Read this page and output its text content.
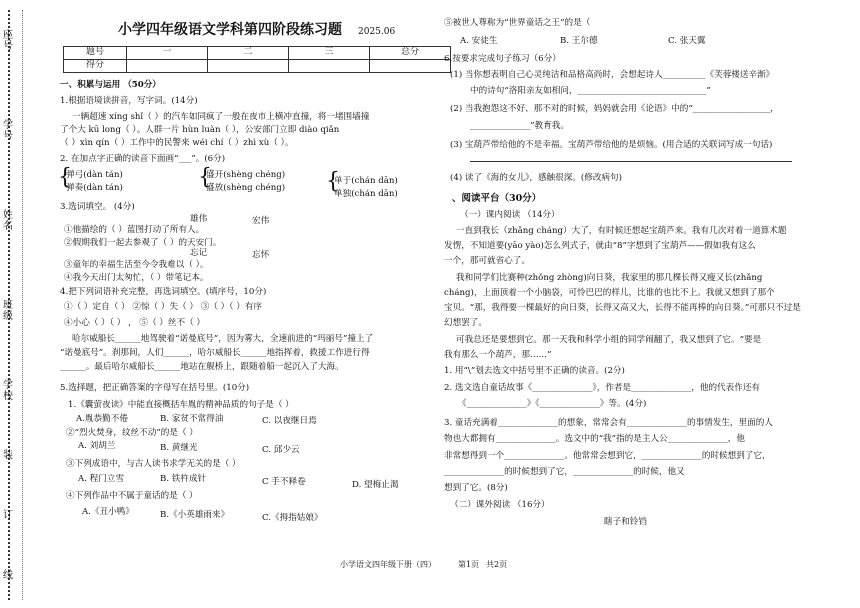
座号
学号
姓名
班级
学校
装
订
线
小学四年级语文学科第四阶段练习题 2025.06
题号	一	二	三	总分
得分				
一、积累与运用 （50分）
1.根据语境读拼音，写字词。(14分)
一辆超速 xíng shǐ（ ）的汽车如同疯了一般在夜市上横冲直撞，将一堵围墙撞
了个大 kū long（ ）。人群一片 hùn luàn（ ），公安部门立即 diào qiǎn
（ ）xìn qín（ ）工作中的民警来 wéi chí（ ）zhì xù（ ）。
2. 在加点字正确的读音下面画“___”。(6分)
{
弹弓(dàn tán)
弹奏(dàn tán)	{
盛开(shèng chéng)
盛放(shèng chéng) {
单于(chán dān)
单独(chán dān)
3.选词填空。 (4分)
雄伟	宏伟
①他描绘的（ ）蓝图打动了所有人。
②假期我们一起去参观了（ ）的天安门。
忘记	忘怀
③童年的幸福生活至今令我难以（ ）。
④我今天出门太匆忙，（ ）带笔记本。
4.把下列词语补充完整，再选词填空。(填序号，10分)
①（ ）定自（ ） ②惊（ ）失（ ） ③（ ）（ ）有序
④小心（ ）（ ） ， ⑤（ ）丝不（ ）
哈尔威船长______地驾驶着“诺曼底号”，因为雾大，全速前进的“玛丽号”撞上了
“诺曼底号”。刹那间，人们______，哈尔威船长______地指挥着，救援工作进行得
______。最后哈尔威船长______地站在舰桥上，跟随着船一起沉入了大海。
5.选择题，把正确答案的字母写在括号里。(10分)
1.《囊萤夜读》中能直接概括车胤的精神品质的句子是（ ）
A.胤恭勤不倦	B. 家贫不常得油	C. 以夜继日焉
②“烈火焚身，纹丝不动”的是（ ）
A. 刘胡兰	B. 黄继光	C. 邱少云
③下列成语中，与古人读书求学无关的是（ ）
A. 程门立雪	B. 铁杵成针	C 手不释卷	D. 望梅止渴
④下列作品中不属于童话的是（ ）
A.《丑小鸭》	B.《小英雄雨来》	C.《拇指姑娘》
⑤被世人尊称为“世界童话之王”的是（
A. 安徒生	B. 王尔德	C. 张天翼
6.按要求完成句子练习（6分）
(1) 当你想表明自己心灵纯洁和品格高尚时，会想起诗人__________《芙蓉楼送辛渐》
中的诗句“洛阳亲友如相问，______________________________”
(2) 当我抱怨这不好、那不对的时候，妈妈就会用《论语》中的“__________________，
______________”教育我。
(3) 宝葫芦带给他的不是幸福。宝葫芦带给他的是烦恼。(用合适的关联词写成一句话)
(4) 读了《海的女儿》，感触很深。(修改病句)
、阅读平台（30分）
（一）课内阅读 （14分）
一直到我长（zhǎng cháng）大了，有时候还想起宝葫芦来。我有几次对着一道算术题
发愣，不知道要(yāo yào)怎么列式子，就由“8”字想到了宝葫芦——假如我有这么
一个，那可就省心了。
我和同学们比赛种(zhǒng zhòng)向日葵，我家里的那几棵长得又瘦又长(zhǎng
cháng)，上面顶着一个小脑袋，可怜巴巴的样儿，比谁的也比不上。我就又想到了那个
宝贝。“那，我得要一棵最好的向日葵，长得又高又大，长得不能再棒的向日葵。”可那只不过是
幻想罢了。
可我总还是要想到它。那一天我和科学小组的同学闹翻了，我又想到了它。“要是
我有那么一个葫芦，那……”
1. 用“\”划去选文中括号里不正确的读音。(2分)
2. 选文选自童话故事《______________》，作者是______________，他的代表作还有
《______________》《______________》等。(4分)
3. 童话充满着______________的想象，常常会有______________的事情发生，里面的人
物也大都拥有______________。选文中的“我”指的是主人公______________，他
非常想得到一个______________。他常常会想到它，______________的时候想到了它，
______________的时候想到了它，______________的时候，他又
想到了它。(8分)
（二）课外阅读 （16分）
瞎子和铃铛
小学语文四年级下册（四）	第1页 共2页
